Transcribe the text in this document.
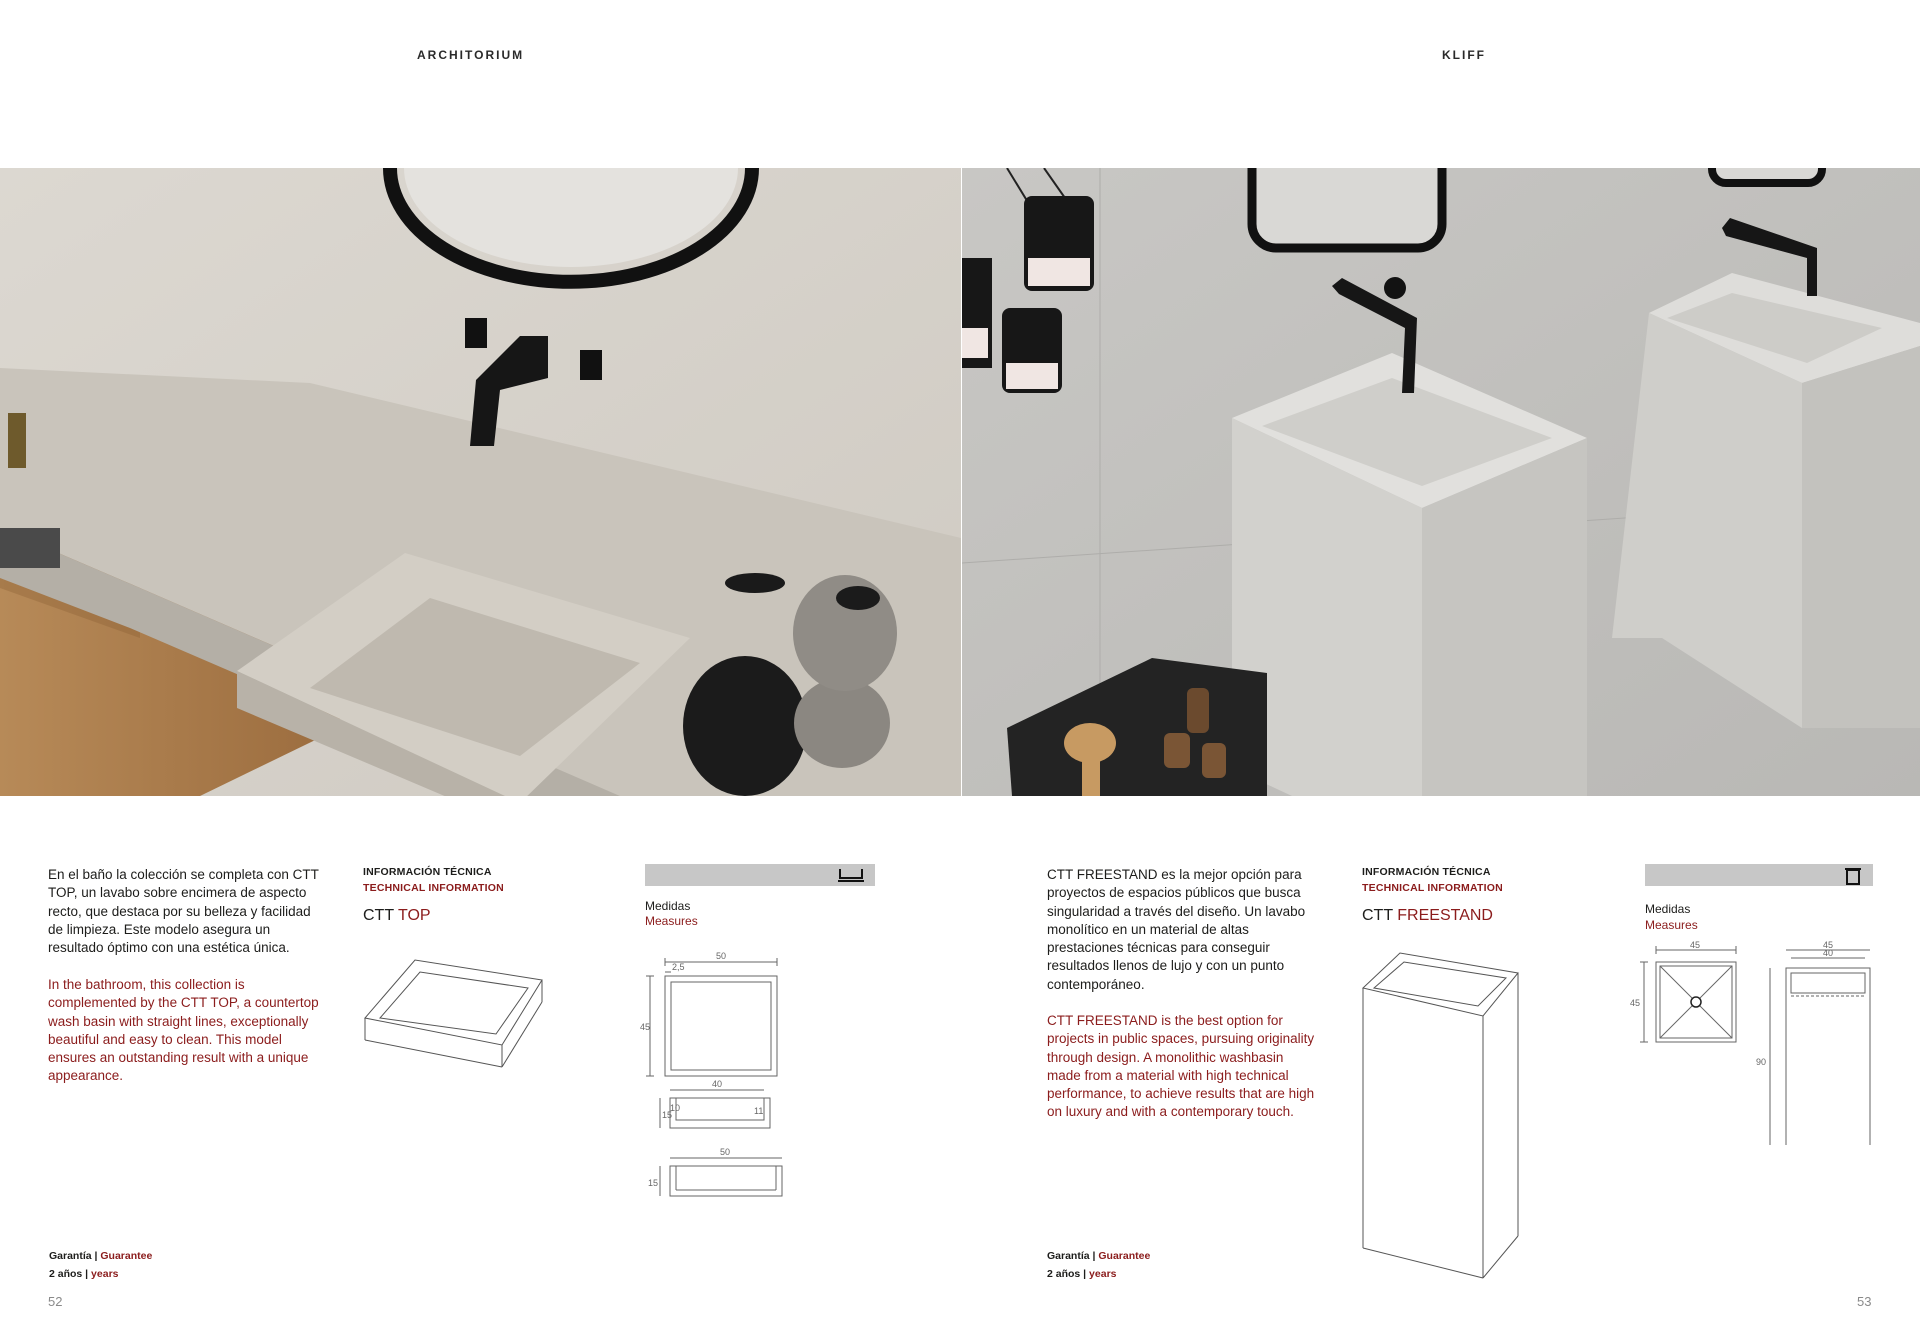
ARCHITORIUM	KLIFF

En el baño la colección se completa con CTT TOP, un lavabo sobre encimera de aspecto recto, que destaca por su belleza y facilidad de limpieza. Este modelo asegura un resultado óptimo con una estética única.

In the bathroom, this collection is complemented by the CTT TOP, a countertop wash basin with straight lines, exceptionally beautiful and easy to clean. This model ensures an outstanding result with a unique appearance.

INFORMACIÓN TÉCNICA
TECHNICAL INFORMATION
CTT TOP
Medidas
Measures
50
2,5
45
40
15
10	11
50
15
Garantía | Guarantee
2 años | years
52

CTT FREESTAND es la mejor opción para proyectos de espacios públicos que busca singularidad a través del diseño. Un lavabo monolítico en un material de altas prestaciones técnicas para conseguir resultados llenos de lujo y con un punto contemporáneo.

CTT FREESTAND is the best option for projects in public spaces, pursuing originality through design. A monolithic washbasin made from a material with high technical performance, to achieve results that are high on luxury and with a contemporary touch.

INFORMACIÓN TÉCNICA
TECHNICAL INFORMATION
CTT FREESTAND	Medidas
Measures
45
45
45
40
90
Garantía | Guarantee
2 años | years
53
